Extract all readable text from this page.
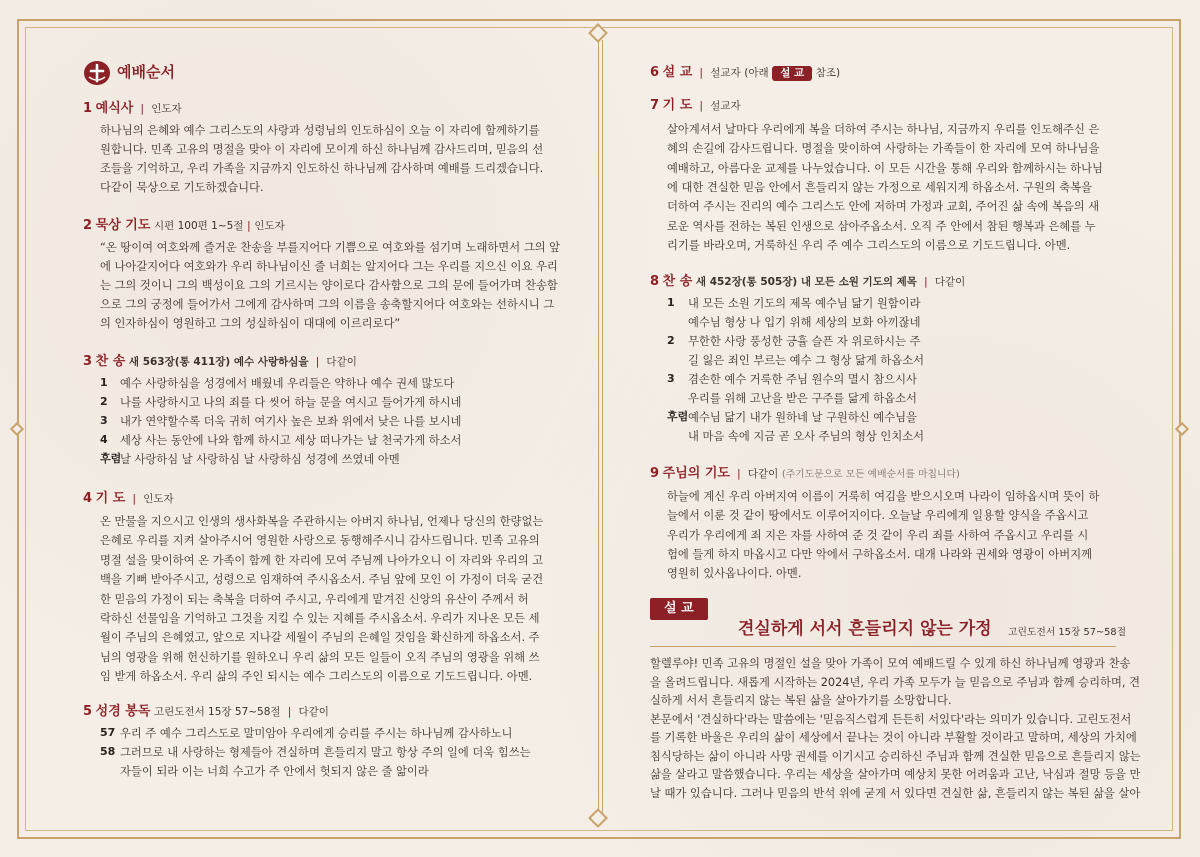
예배순서
1 예식사  |  인도자
하나님의 은혜와 예수 그리스도의 사랑과 성령님의 인도하심이 오늘 이 자리에 함께하기를
원합니다. 민족 고유의 명절을 맞아 이 자리에 모이게 하신 하나님께 감사드리며, 믿음의 선
조들을 기억하고, 우리 가족을 지금까지 인도하신 하나님께 감사하며 예배를 드리겠습니다.
다같이 묵상으로 기도하겠습니다.
2 묵상 기도 시편 100편 1~5절 | 인도자
“온 땅이여 여호와께 즐거운 찬송을 부를지어다 기쁨으로 여호와를 섬기며 노래하면서 그의 앞
에 나아갈지어다 여호와가 우리 하나님이신 줄 너희는 알지어다 그는 우리를 지으신 이요 우리
는 그의 것이니 그의 백성이요 그의 기르시는 양이로다 감사함으로 그의 문에 들어가며 찬송함
으로 그의 궁정에 들어가서 그에게 감사하며 그의 이름을 송축할지어다 여호와는 선하시니 그
의 인자하심이 영원하고 그의 성실하심이 대대에 이르리로다”
3 찬 송 새 563장(통 411장) 예수 사랑하심을  |  다같이
1 예수 사랑하심을 성경에서 배웠네 우리들은 약하나 예수 권세 많도다
2 나를 사랑하시고 나의 죄를 다 씻어 하늘 문을 여시고 들어가게 하시네
3 내가 연약할수록 더욱 귀히 여기사 높은 보좌 위에서 낮은 나를 보시네
4 세상 사는 동안에 나와 함께 하시고 세상 떠나가는 날 천국가게 하소서
후렴
날 사랑하심 날 사랑하심 날 사랑하심 성경에 쓰였네 아멘
4 기 도  |  인도자
온 만물을 지으시고 인생의 생사화복을 주관하시는 아버지 하나님, 언제나 당신의 한량없는
은혜로 우리를 지켜 살아주시어 영원한 사랑으로 동행해주시니 감사드립니다. 민족 고유의
명절 설을 맞이하여 온 가족이 함께 한 자리에 모여 주님께 나아가오니 이 자리와 우리의 고
백을 기뻐 받아주시고, 성령으로 임재하여 주시옵소서. 주님 앞에 모인 이 가정이 더욱 굳건
한 믿음의 가정이 되는 축복을 더하여 주시고, 우리에게 맡겨진 신앙의 유산이 주께서 허
락하신 선물임을 기억하고 그것을 지킬 수 있는 지혜를 주시옵소서. 우리가 지나온 모든 세
월이 주님의 은혜였고, 앞으로 지나갈 세월이 주님의 은혜일 것임을 확신하게 하옵소서. 주
님의 영광을 위해 헌신하기를 원하오니 우리 삶의 모든 일들이 오직 주님의 영광을 위해 쓰
임 받게 하옵소서. 우리 삶의 주인 되시는 예수 그리스도의 이름으로 기도드립니다. 아멘.
5 성경 봉독 고린도전서 15장 57~58절  |  다같이
57 우리 주 예수 그리스도로 말미암아 우리에게 승리를 주시는 하나님께 감사하노니
58 그러므로 내 사랑하는 형제들아 견실하며 흔들리지 말고 항상 주의 일에 더욱 힘쓰는
자들이 되라 이는 너희 수고가 주 안에서 헛되지 않은 줄 앎이라
6 설 교  |  설교자 (아래 설 교 참조)
7 기 도  |  설교자
살아계셔서 날마다 우리에게 복을 더하여 주시는 하나님, 지금까지 우리를 인도해주신 은
혜의 손길에 감사드립니다. 명절을 맞이하여 사랑하는 가족들이 한 자리에 모여 하나님을
예배하고, 아름다운 교제를 나누었습니다. 이 모든 시간을 통해 우리와 함께하시는 하나님
에 대한 견실한 믿음 안에서 흔들리지 않는 가정으로 세워지게 하옵소서. 구원의 축복을
더하여 주시는 진리의 예수 그리스도 안에 저하며 가정과 교회, 주어진 삶 속에 복음의 새
로운 역사를 전하는 복된 인생으로 삼아주옵소서. 오직 주 안에서 참된 행복과 은혜를 누
리기를 바라오며, 거룩하신 우리 주 예수 그리스도의 이름으로 기도드립니다. 아멘.
8 찬 송 새 452장(통 505장) 내 모든 소원 기도의 제목  |  다같이
1 내 모든 소원 기도의 제목 예수님 닮기 원함이라
예수님 형상 나 입기 위해 세상의 보화 아끼잖네
2 무한한 사랑 풍성한 긍휼 슬픈 자 위로하시는 주
길 잃은 죄인 부르는 예수 그 형상 닮게 하옵소서
3 겸손한 예수 거룩한 주님 원수의 멸시 참으시사
우리를 위해 고난을 받은 구주를 닮게 하옵소서
후렴 예수님 닮기 내가 원하네 날 구원하신 예수님을
내 마음 속에 지금 곧 오사 주님의 형상 인치소서
9 주님의 기도  |  다같이 (주기도문으로 모든 예배순서를 마칩니다)
하늘에 계신 우리 아버지여 이름이 거룩히 여김을 받으시오며 나라이 임하옵시며 뜻이 하
늘에서 이룬 것 같이 땅에서도 이루어지이다. 오늘날 우리에게 일용할 양식을 주옵시고
우리가 우리에게 죄 지은 자를 사하여 준 것 같이 우리 죄를 사하여 주옵시고 우리를 시
험에 들게 하지 마옵시고 다만 악에서 구하옵소서. 대개 나라와 권세와 영광이 아버지께
영원히 있사옵나이다. 아멘.
설 교
견실하게 서서 흔들리지 않는 가정 고린도전서 15장 57~58절
할렐루야! 민족 고유의 명절인 설을 맞아 가족이 모여 예배드릴 수 있게 하신 하나님께 영광과 찬송
을 올려드립니다. 새롭게 시작하는 2024년, 우리 가족 모두가 늘 믿음으로 주님과 함께 승리하며, 견
실하게 서서 흔들리지 않는 복된 삶을 살아가기를 소망합니다.
본문에서 '견실하다'라는 말씀에는 '믿음직스럽게 든든히 서있다'라는 의미가 있습니다. 고린도전서
를 기록한 바울은 우리의 삶이 세상에서 끝나는 것이 아니라 부활할 것이라고 말하며, 세상의 가치에
침식당하는 삶이 아니라 사망 권세를 이기시고 승리하신 주님과 함께 견실한 믿음으로 흔들리지 않는
삶을 살라고 말씀했습니다. 우리는 세상을 살아가며 예상치 못한 어려움과 고난, 낙심과 절망 등을 만
날 때가 있습니다. 그러나 믿음의 반석 위에 굳게 서 있다면 견실한 삶, 흔들리지 않는 복된 삶을 살아
